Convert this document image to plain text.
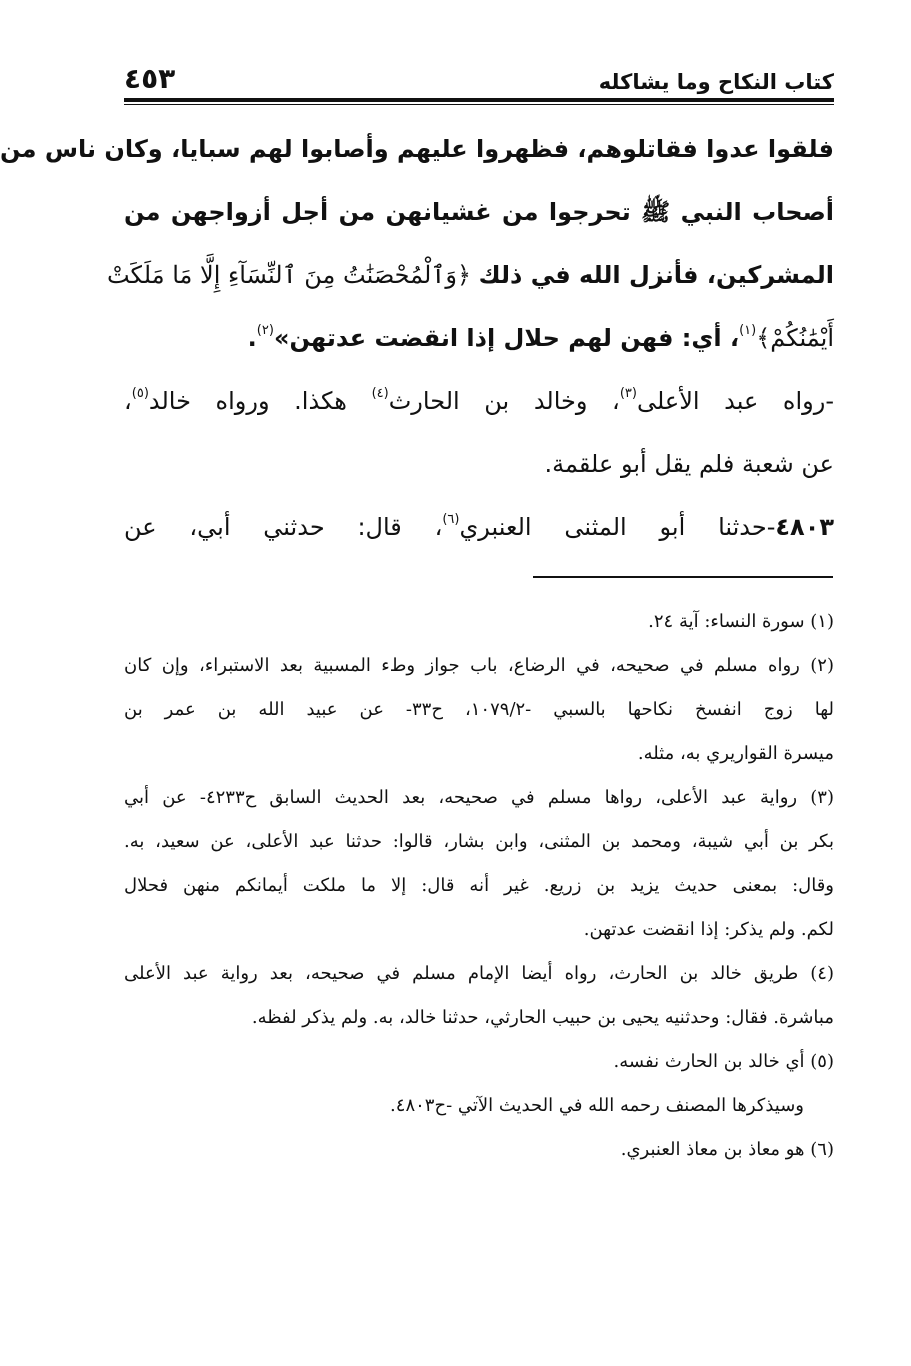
كتاب النكاح وما يشاكله
٤٥٣
فلقوا عدوا فقاتلوهم، فظهروا عليهم وأصابوا لهم سبايا، وكان ناس من
أصحاب النبي ﷺ تحرجوا من غشيانهن من أجل أزواجهن من
المشركين، فأنزل الله في ذلك ﴿وَٱلْمُحْصَنَٰتُ مِنَ ٱلنِّسَآءِ إِلَّا مَا مَلَكَتْ
أَيْمَٰنُكُمْ﴾$^{(١)}$، أي: فهن لهم حلال إذا انقضت عدتهن»$^{(٢)}$.
-رواه عبد الأعلى$^{(٣)}$، وخالد بن الحارث$^{(٤)}$ هكذا. ورواه خالد$^{(٥)}$،
عن شعبة فلم يقل أبو علقمة.
٤٨٠٣-حدثنا أبو المثنى العنبري$^{(٦)}$، قال: حدثني أبي، عن
(١) سورة النساء: آية ٢٤.
(٢) رواه مسلم في صحيحه، في الرضاع، باب جواز وطء المسبية بعد الاستبراء، وإن كان
لها زوج انفسخ نكاحها بالسبي -١٠٧٩/٢، ح٣٣- عن عبيد الله بن عمر بن
ميسرة القواريري به، مثله.
(٣) رواية عبد الأعلى، رواها مسلم في صحيحه، بعد الحديث السابق ح٤٢٣٣- عن أبي
بكر بن أبي شيبة، ومحمد بن المثنى، وابن بشار، قالوا: حدثنا عبد الأعلى، عن سعيد، به.
وقال: بمعنى حديث يزيد بن زريع. غير أنه قال: إلا ما ملكت أيمانكم منهن فحلال
لكم. ولم يذكر: إذا انقضت عدتهن.
(٤) طريق خالد بن الحارث، رواه أيضا الإمام مسلم في صحيحه، بعد رواية عبد الأعلى
مباشرة. فقال: وحدثنيه يحيى بن حبيب الحارثي، حدثنا خالد، به. ولم يذكر لفظه.
(٥) أي خالد بن الحارث نفسه.
وسيذكرها المصنف رحمه الله في الحديث الآتي -ح٤٨٠٣.
(٦) هو معاذ بن معاذ العنبري.
